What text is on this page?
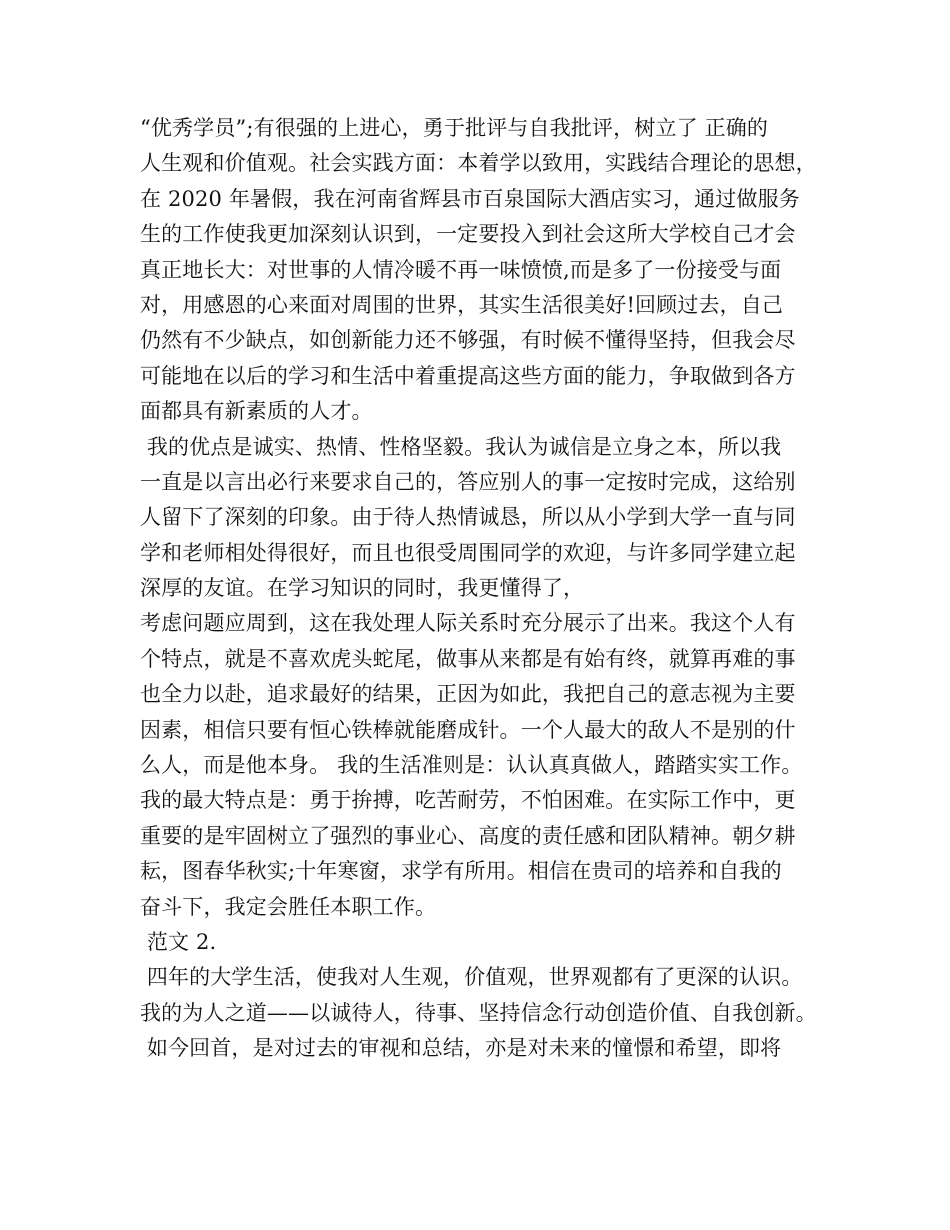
“优秀学员”;有很强的上进心，勇于批评与自我批评，树立了 正确的
人生观和价值观。社会实践方面：本着学以致用，实践结合理论的思想，
在 2020 年暑假，我在河南省辉县市百泉国际大酒店实习，通过做服务
生的工作使我更加深刻认识到，一定要投入到社会这所大学校自己才会
真正地长大：对世事的人情冷暖不再一味愤愤,而是多了一份接受与面
对，用感恩的心来面对周围的世界，其实生活很美好!回顾过去，自己
仍然有不少缺点，如创新能力还不够强，有时候不懂得坚持，但我会尽
可能地在以后的学习和生活中着重提高这些方面的能力，争取做到各方
面都具有新素质的人才。
我的优点是诚实、热情、性格坚毅。我认为诚信是立身之本，所以我
一直是以言出必行来要求自己的，答应别人的事一定按时完成，这给别
人留下了深刻的印象。由于待人热情诚恳，所以从小学到大学一直与同
学和老师相处得很好，而且也很受周围同学的欢迎，与许多同学建立起
深厚的友谊。在学习知识的同时，我更懂得了，
考虑问题应周到，这在我处理人际关系时充分展示了出来。我这个人有
个特点，就是不喜欢虎头蛇尾，做事从来都是有始有终，就算再难的事
也全力以赴，追求最好的结果，正因为如此，我把自己的意志视为主要
因素，相信只要有恒心铁棒就能磨成针。一个人最大的敌人不是别的什
么人，而是他本身。 我的生活准则是：认认真真做人，踏踏实实工作。
我的最大特点是：勇于拚搏，吃苦耐劳，不怕困难。在实际工作中，更
重要的是牢固树立了强烈的事业心、高度的责任感和团队精神。朝夕耕
耘，图春华秋实;十年寒窗，求学有所用。相信在贵司的培养和自我的
奋斗下，我定会胜任本职工作。
范文 2.
四年的大学生活，使我对人生观，价值观，世界观都有了更深的认识。
我的为人之道——以诚待人，待事、坚持信念行动创造价值、自我创新。
如今回首，是对过去的审视和总结，亦是对未来的憧憬和希望，即将
